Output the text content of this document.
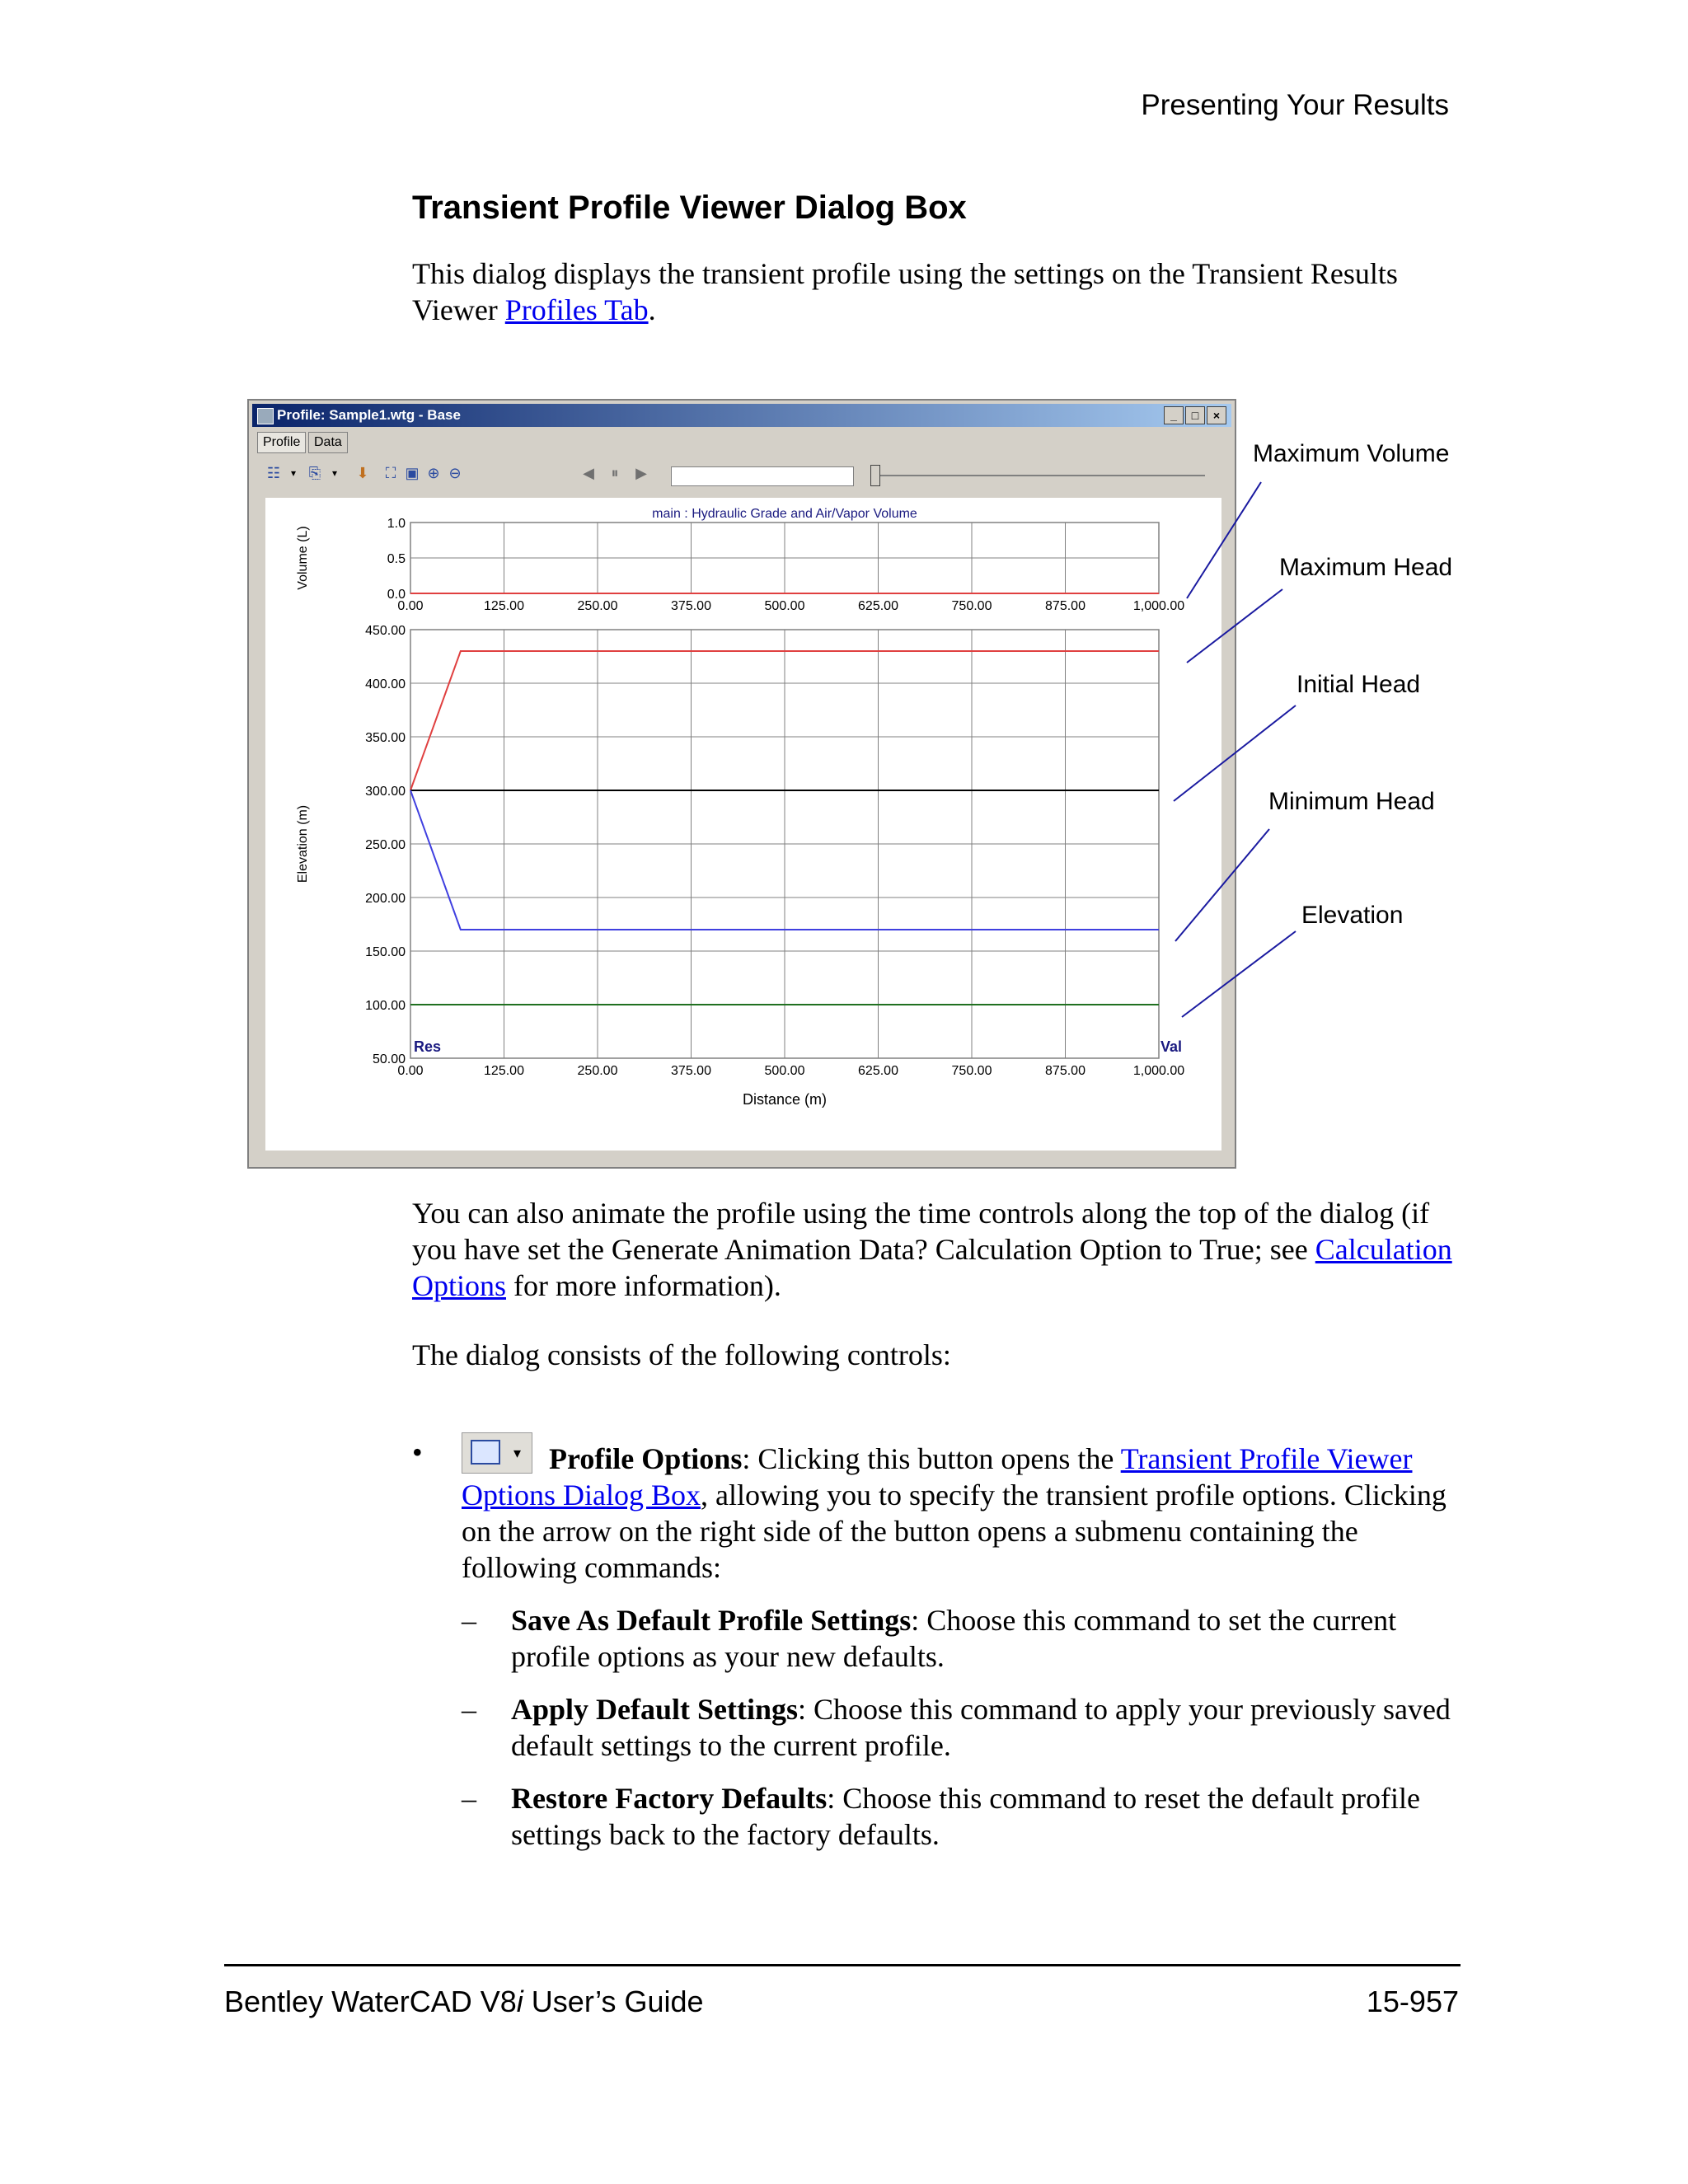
Presenting Your Results
Transient Profile Viewer Dialog Box
This dialog displays the transient profile using the settings on the Transient Results Viewer Profiles Tab.
Profile: Sample1.wtg - Base	_	□	×
Profile	Data
☷	▾ ⎘	▾	⬇	⛶ ▣ ⊕ ⊖	◀	⏸	▶
0.00	125.00	250.00	375.00	500.00	625.00	750.00	875.00	1,000.00
1.0
0.5
0.0
Volume (L)
main : Hydraulic Grade and Air/Vapor Volume
0.00	125.00	250.00	375.00	500.00	625.00	750.00	875.00	1,000.00
450.00
400.00
350.00
300.00
250.00
200.00
150.00
100.00
50.00
Elevation (m)
Distance (m)
Res	Val
Maximum Volume
Maximum Head
Initial Head
Minimum Head
Elevation
You can also animate the profile using the time controls along the top of the dialog (if you have set the Generate Animation Data? Calculation Option to True; see Calculation Options for more information).
The dialog consists of the following controls:
•	▾ Profile Options: Clicking this button opens the Transient Profile Viewer Options Dialog Box, allowing you to specify the transient profile options. Clicking on the arrow on the right side of the button opens a submenu containing the following commands:
– Save As Default Profile Settings: Choose this command to set the current profile options as your new defaults.
– Apply Default Settings: Choose this command to apply your previously saved default settings to the current profile.
– Restore Factory Defaults: Choose this command to reset the default profile settings back to the factory defaults.
Bentley WaterCAD V8i User’s Guide	15-957
